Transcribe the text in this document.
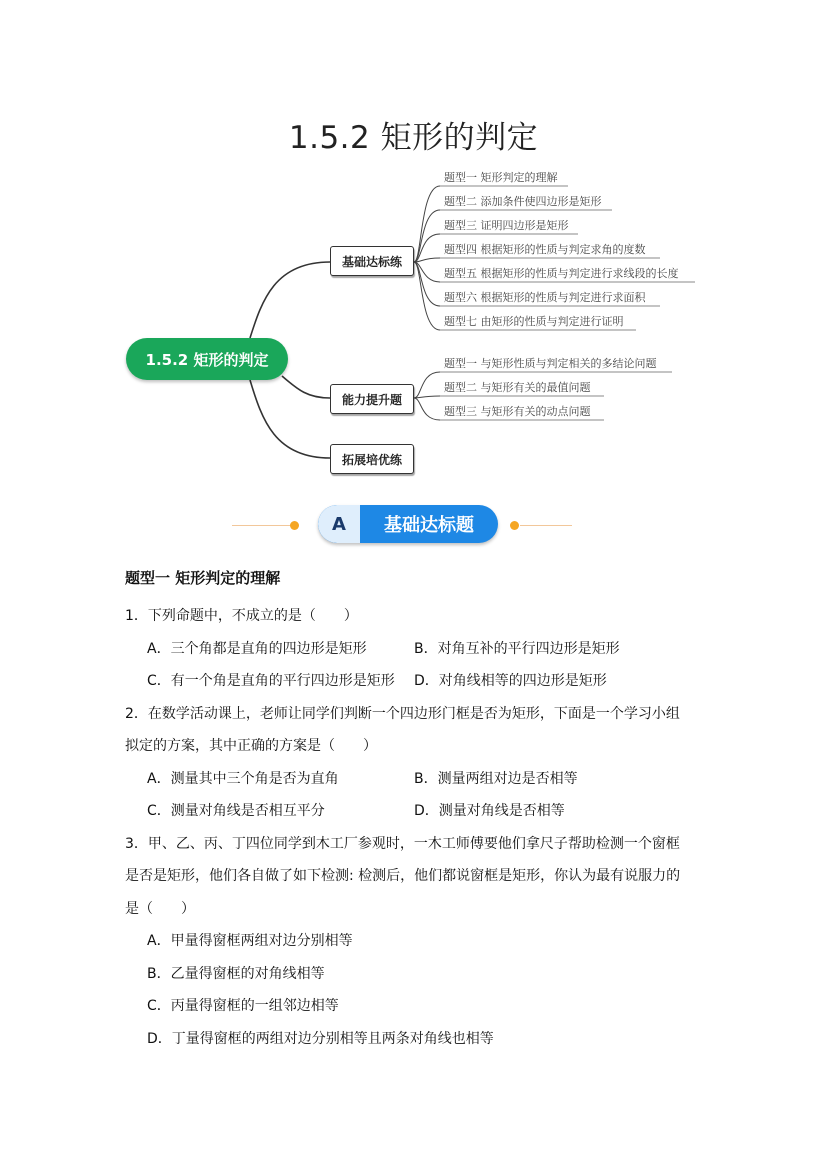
1.5.2 矩形的判定
1.5.2 矩形的判定
基础达标练
能力提升题
拓展培优练
题型一 矩形判定的理解
题型二 添加条件使四边形是矩形
题型三 证明四边形是矩形
题型四 根据矩形的性质与判定求角的度数
题型五 根据矩形的性质与判定进行求线段的长度
题型六 根据矩形的性质与判定进行求面积
题型七 由矩形的性质与判定进行证明
题型一 与矩形性质与判定相关的多结论问题
题型二 与矩形有关的最值问题
题型三 与矩形有关的动点问题
A	基础达标题
题型一 矩形判定的理解
1．下列命题中，不成立的是（　　）
A．三个角都是直角的四边形是矩形	B．对角互补的平行四边形是矩形
C．有一个角是直角的平行四边形是矩形	D．对角线相等的四边形是矩形
2．在数学活动课上，老师让同学们判断一个四边形门框是否为矩形，下面是一个学习小组
拟定的方案，其中正确的方案是（　　）
A．测量其中三个角是否为直角	B．测量两组对边是否相等
C．测量对角线是否相互平分	D．测量对角线是否相等
3．甲、乙、丙、丁四位同学到木工厂参观时，一木工师傅要他们拿尺子帮助检测一个窗框
是否是矩形，他们各自做了如下检测: 检测后，他们都说窗框是矩形，你认为最有说服力的
是（　　）
A．甲量得窗框两组对边分别相等
B．乙量得窗框的对角线相等
C．丙量得窗框的一组邻边相等
D．丁量得窗框的两组对边分别相等且两条对角线也相等
